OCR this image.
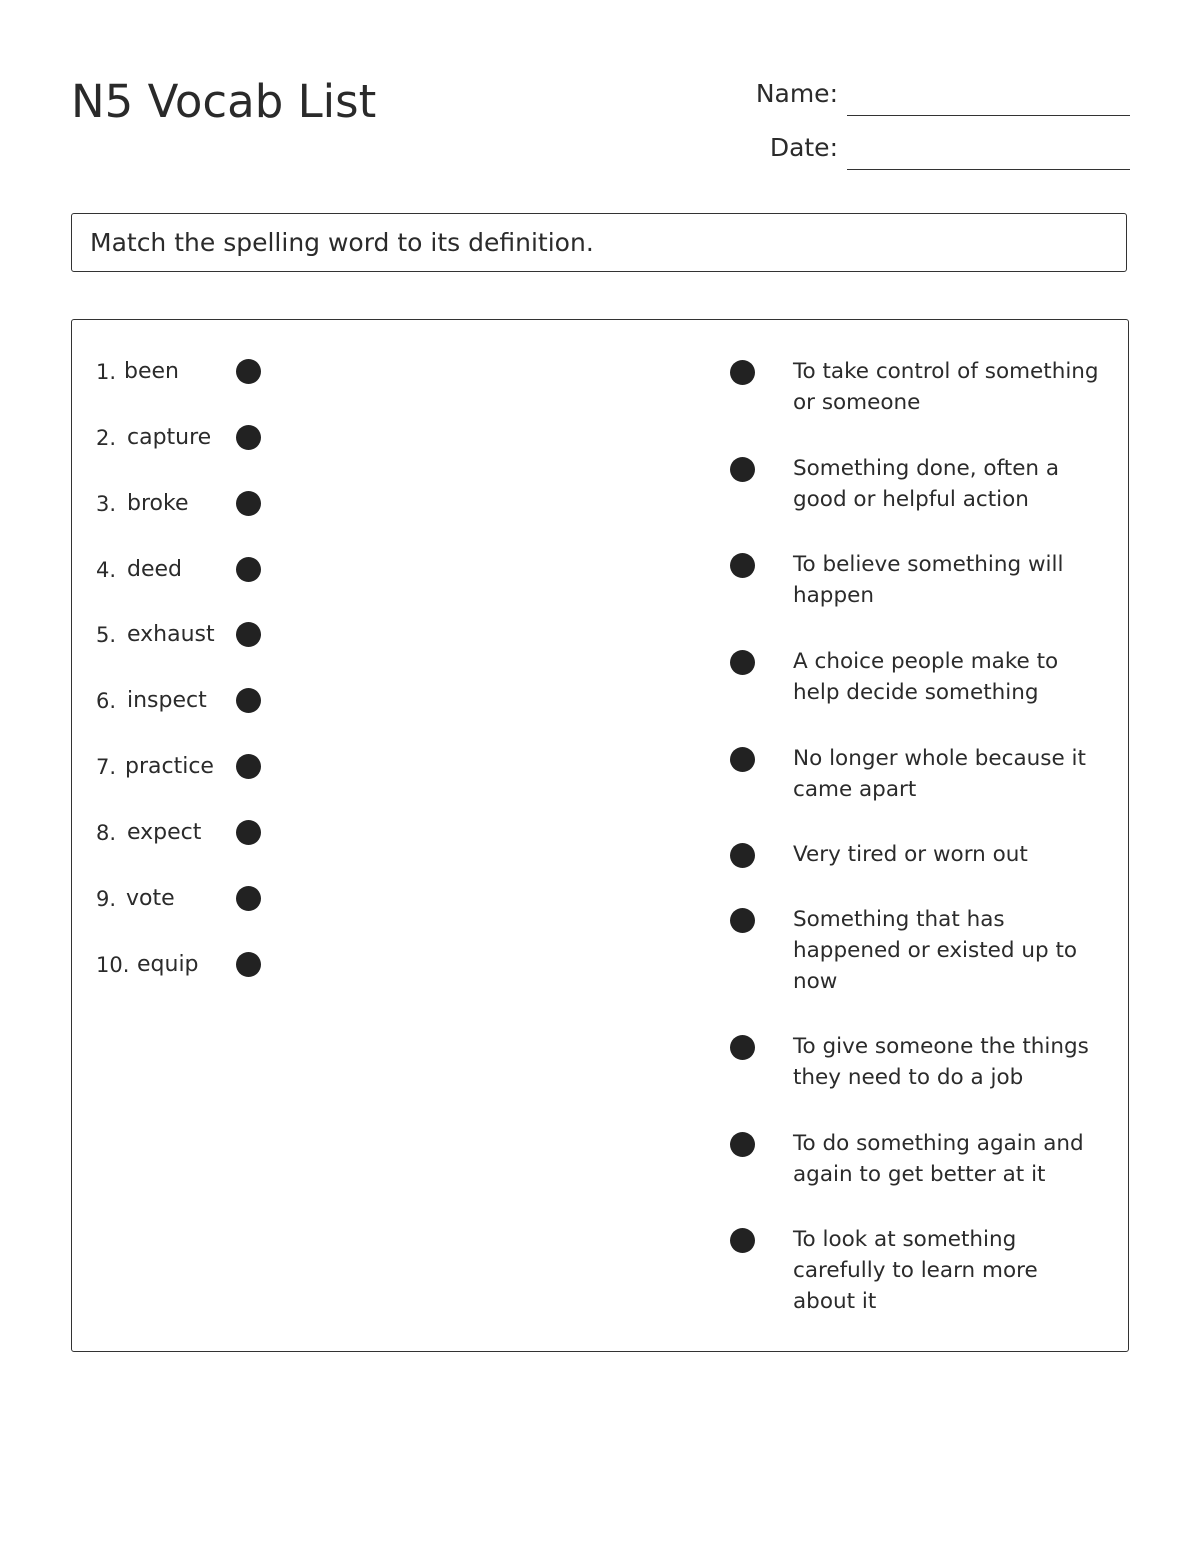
N5 Vocab List	Name:
Date:
Match the spelling word to its definition.
1. been
2. capture
3. broke
4. deed
5. exhaust
6. inspect
7. practice
8. expect
9. vote
10. equip
To take control of something or someone
Something done, often a good or helpful action
To believe something will happen
A choice people make to help decide something
No longer whole because it came apart
Very tired or worn out
Something that has happened or existed up to now
To give someone the things they need to do a job
To do something again and again to get better at it
To look at something carefully to learn more about it
